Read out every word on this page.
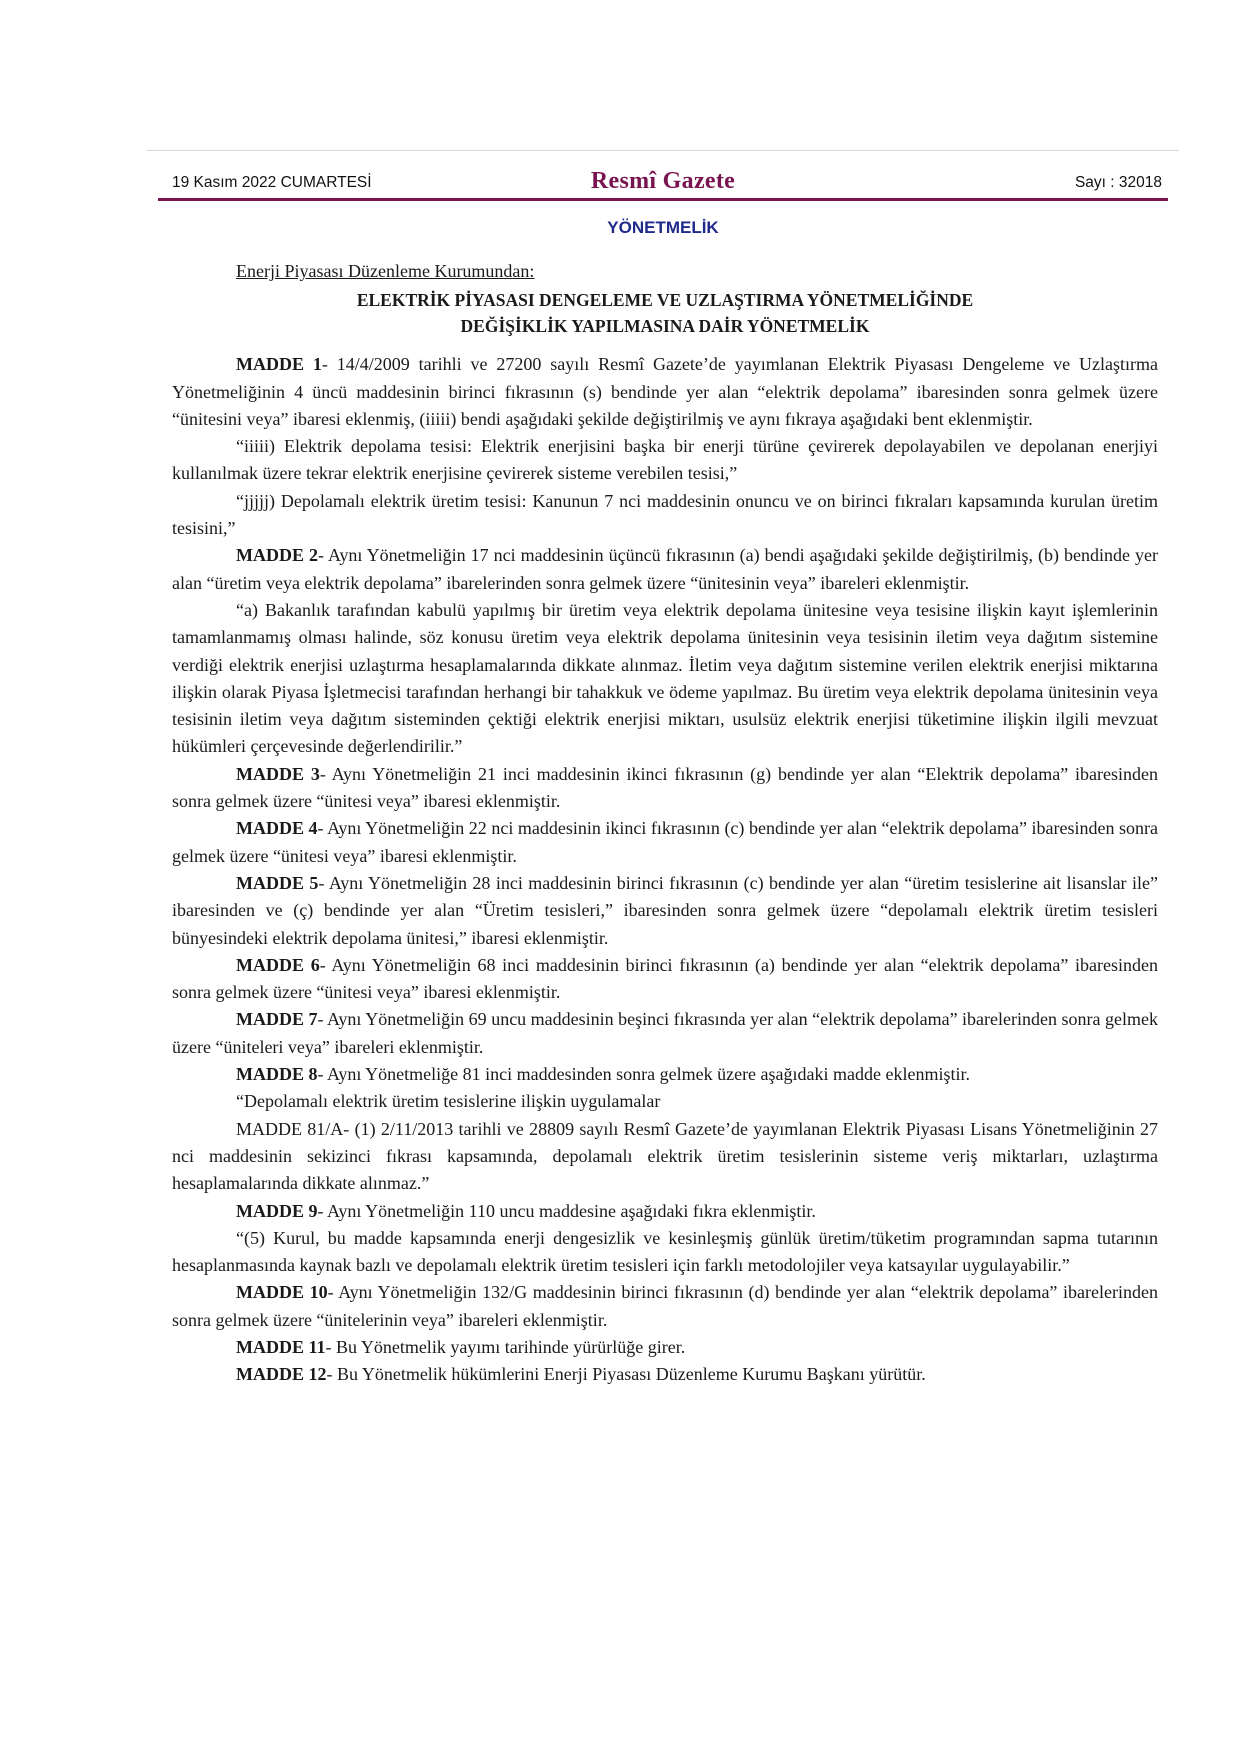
19 Kasım 2022 CUMARTESİ	Resmî Gazete	Sayı : 32018
YÖNETMELİK

Enerji Piyasası Düzenleme Kurumundan:

ELEKTRİK PİYASASI DENGELEME VE UZLAŞTIRMA YÖNETMELİĞİNDE
DEĞİŞİKLİK YAPILMASINA DAİR YÖNETMELİK

MADDE 1- 14/4/2009 tarihli ve 27200 sayılı Resmî Gazete’de yayımlanan Elektrik Piyasası Dengeleme ve Uzlaştırma Yönetmeliğinin 4 üncü maddesinin birinci fıkrasının (s) bendinde yer alan “elektrik depolama” ibaresinden sonra gelmek üzere “ünitesini veya” ibaresi eklenmiş, (iiiii) bendi aşağıdaki şekilde değiştirilmiş ve aynı fıkraya aşağıdaki bent eklenmiştir.

“iiiii) Elektrik depolama tesisi: Elektrik enerjisini başka bir enerji türüne çevirerek depolayabilen ve depolanan enerjiyi kullanılmak üzere tekrar elektrik enerjisine çevirerek sisteme verebilen tesisi,”

“jjjjj) Depolamalı elektrik üretim tesisi: Kanunun 7 nci maddesinin onuncu ve on birinci fıkraları kapsamında kurulan üretim tesisini,”

MADDE 2- Aynı Yönetmeliğin 17 nci maddesinin üçüncü fıkrasının (a) bendi aşağıdaki şekilde değiştirilmiş, (b) bendinde yer alan “üretim veya elektrik depolama” ibarelerinden sonra gelmek üzere “ünitesinin veya” ibareleri eklenmiştir.

“a) Bakanlık tarafından kabulü yapılmış bir üretim veya elektrik depolama ünitesine veya tesisine ilişkin kayıt işlemlerinin tamamlanmamış olması halinde, söz konusu üretim veya elektrik depolama ünitesinin veya tesisinin iletim veya dağıtım sistemine verdiği elektrik enerjisi uzlaştırma hesaplamalarında dikkate alınmaz. İletim veya dağıtım sistemine verilen elektrik enerjisi miktarına ilişkin olarak Piyasa İşletmecisi tarafından herhangi bir tahakkuk ve ödeme yapılmaz. Bu üretim veya elektrik depolama ünitesinin veya tesisinin iletim veya dağıtım sisteminden çektiği elektrik enerjisi miktarı, usulsüz elektrik enerjisi tüketimine ilişkin ilgili mevzuat hükümleri çerçevesinde değerlendirilir.”

MADDE 3- Aynı Yönetmeliğin 21 inci maddesinin ikinci fıkrasının (g) bendinde yer alan “Elektrik depolama” ibaresinden sonra gelmek üzere “ünitesi veya” ibaresi eklenmiştir.

MADDE 4- Aynı Yönetmeliğin 22 nci maddesinin ikinci fıkrasının (c) bendinde yer alan “elektrik depolama” ibaresinden sonra gelmek üzere “ünitesi veya” ibaresi eklenmiştir.

MADDE 5- Aynı Yönetmeliğin 28 inci maddesinin birinci fıkrasının (c) bendinde yer alan “üretim tesislerine ait lisanslar ile” ibaresinden ve (ç) bendinde yer alan “Üretim tesisleri,” ibaresinden sonra gelmek üzere “depolamalı elektrik üretim tesisleri bünyesindeki elektrik depolama ünitesi,” ibaresi eklenmiştir.

MADDE 6- Aynı Yönetmeliğin 68 inci maddesinin birinci fıkrasının (a) bendinde yer alan “elektrik depolama” ibaresinden sonra gelmek üzere “ünitesi veya” ibaresi eklenmiştir.

MADDE 7- Aynı Yönetmeliğin 69 uncu maddesinin beşinci fıkrasında yer alan “elektrik depolama” ibarelerinden sonra gelmek üzere “üniteleri veya” ibareleri eklenmiştir.

MADDE 8- Aynı Yönetmeliğe 81 inci maddesinden sonra gelmek üzere aşağıdaki madde eklenmiştir.

“Depolamalı elektrik üretim tesislerine ilişkin uygulamalar

MADDE 81/A- (1) 2/11/2013 tarihli ve 28809 sayılı Resmî Gazete’de yayımlanan Elektrik Piyasası Lisans Yönetmeliğinin 27 nci maddesinin sekizinci fıkrası kapsamında, depolamalı elektrik üretim tesislerinin sisteme veriş miktarları, uzlaştırma hesaplamalarında dikkate alınmaz.”

MADDE 9- Aynı Yönetmeliğin 110 uncu maddesine aşağıdaki fıkra eklenmiştir.

“(5) Kurul, bu madde kapsamında enerji dengesizlik ve kesinleşmiş günlük üretim/tüketim programından sapma tutarının hesaplanmasında kaynak bazlı ve depolamalı elektrik üretim tesisleri için farklı metodolojiler veya katsayılar uygulayabilir.”

MADDE 10- Aynı Yönetmeliğin 132/G maddesinin birinci fıkrasının (d) bendinde yer alan “elektrik depolama” ibarelerinden sonra gelmek üzere “ünitelerinin veya” ibareleri eklenmiştir.

MADDE 11- Bu Yönetmelik yayımı tarihinde yürürlüğe girer.

MADDE 12- Bu Yönetmelik hükümlerini Enerji Piyasası Düzenleme Kurumu Başkanı yürütür.
